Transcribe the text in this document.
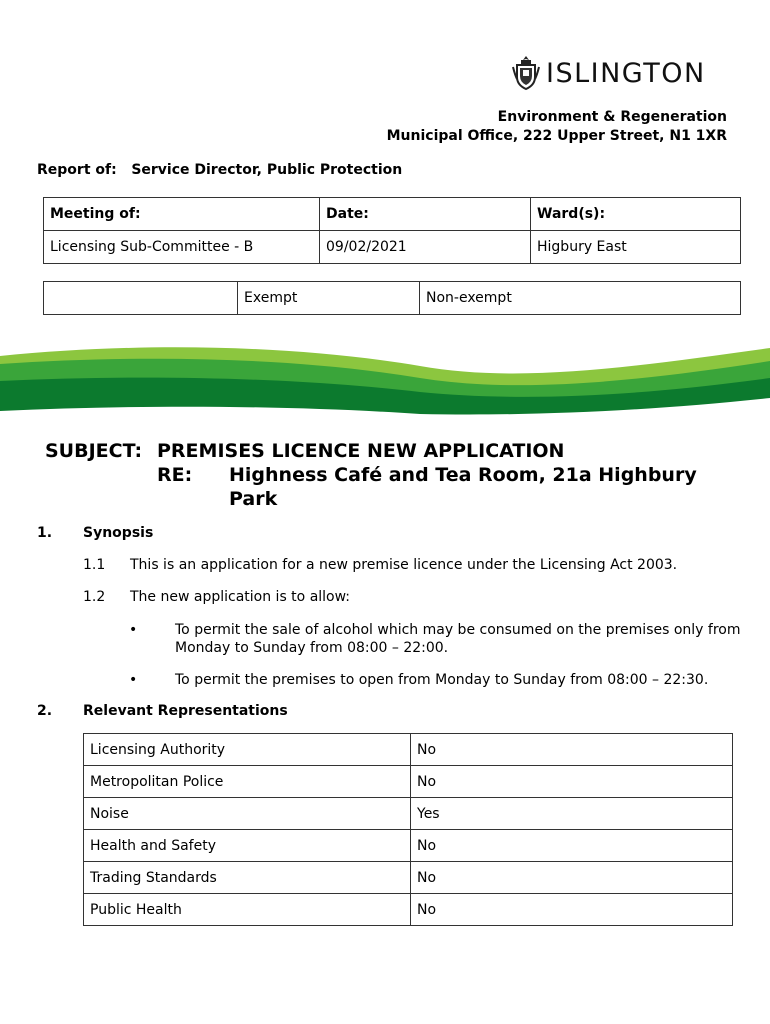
ISLINGTON
Environment & Regeneration
Municipal Office, 222 Upper Street, N1 1XR
Report of:   Service Director, Public Protection
Meeting of:	Date:	Ward(s):
Licensing Sub-Committee - B	09/02/2021	Higbury East
	Exempt	Non-exempt
SUBJECT: PREMISES LICENCE NEW APPLICATION
RE: Highness Café and Tea Room, 21a Highbury
Park
1. Synopsis
1.1 This is an application for a new premise licence under the Licensing Act 2003.
1.2 The new application is to allow:
•	To permit the sale of alcohol which may be consumed on the premises only from
Monday to Sunday from 08:00 – 22:00.
•	To permit the premises to open from Monday to Sunday from 08:00 – 22:30.
2. Relevant Representations
Licensing Authority	No
Metropolitan Police	No
Noise	Yes
Health and Safety	No
Trading Standards	No
Public Health	No
